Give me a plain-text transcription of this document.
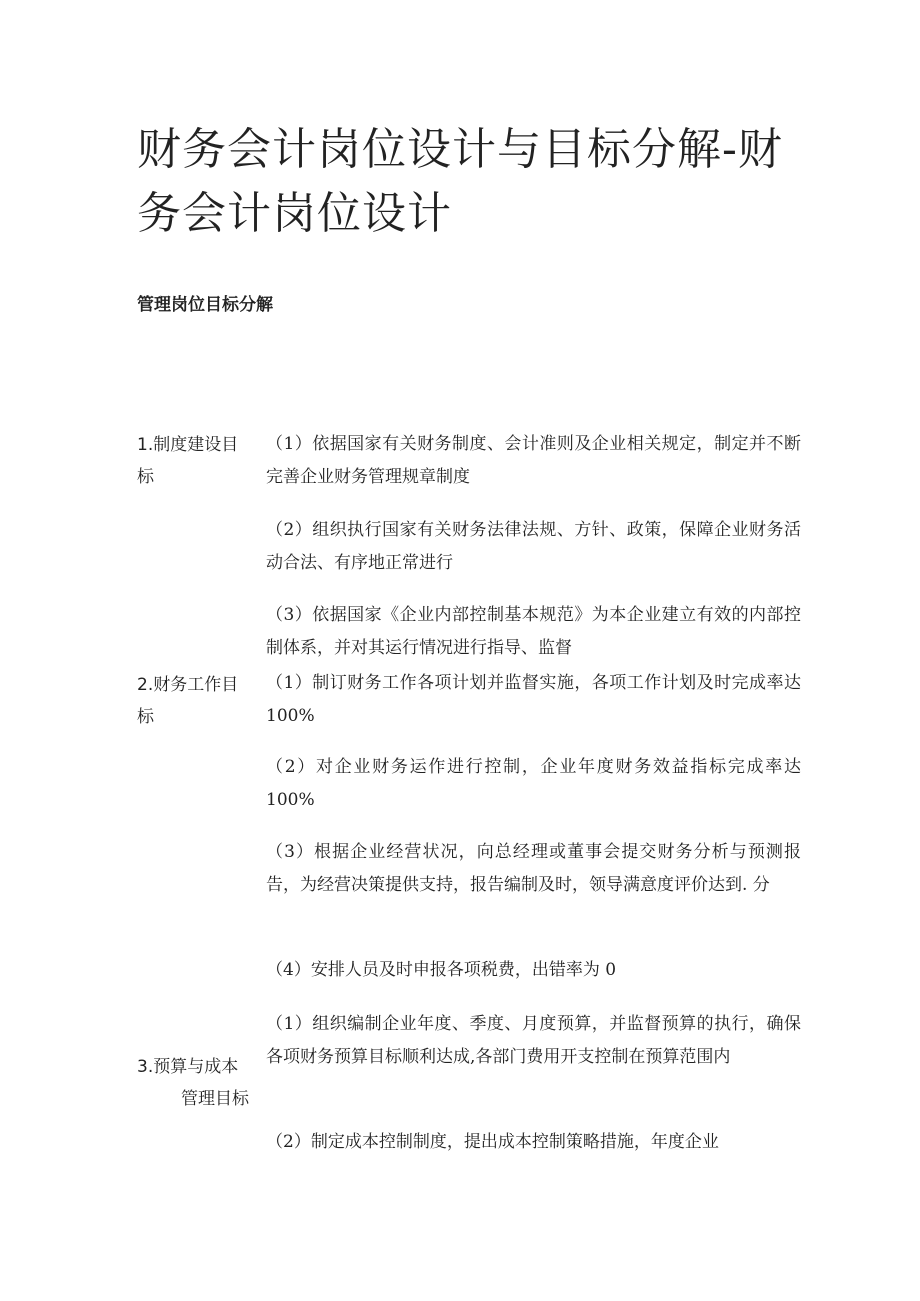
财务会计岗位设计与目标分解-财务会计岗位设计
管理岗位目标分解
1.制度建设目标

（1）依据国家有关财务制度、会计准则及企业相关规定，制定并不断完善企业财务管理规章制度

（2）组织执行国家有关财务法律法规、方针、政策，保障企业财务活动合法、有序地正常进行

（3）依据国家《企业内部控制基本规范》为本企业建立有效的内部控制体系，并对其运行情况进行指导、监督

2.财务工作目标

（1）制订财务工作各项计划并监督实施，各项工作计划及时完成率达 100%

（2）对企业财务运作进行控制，企业年度财务效益指标完成率达 100%

（3）根据企业经营状况，向总经理或董事会提交财务分析与预测报告，为经营决策提供支持，报告编制及时，领导满意度评价达到. 分

（4）安排人员及时申报各项税费，出错率为 0

3.预算与成本
管理目标

（1）组织编制企业年度、季度、月度预算，并监督预算的执行，确保各项财务预算目标顺利达成,各部门费用开支控制在预算范围内

（2）制定成本控制制度，提出成本控制策略措施，年度企业
